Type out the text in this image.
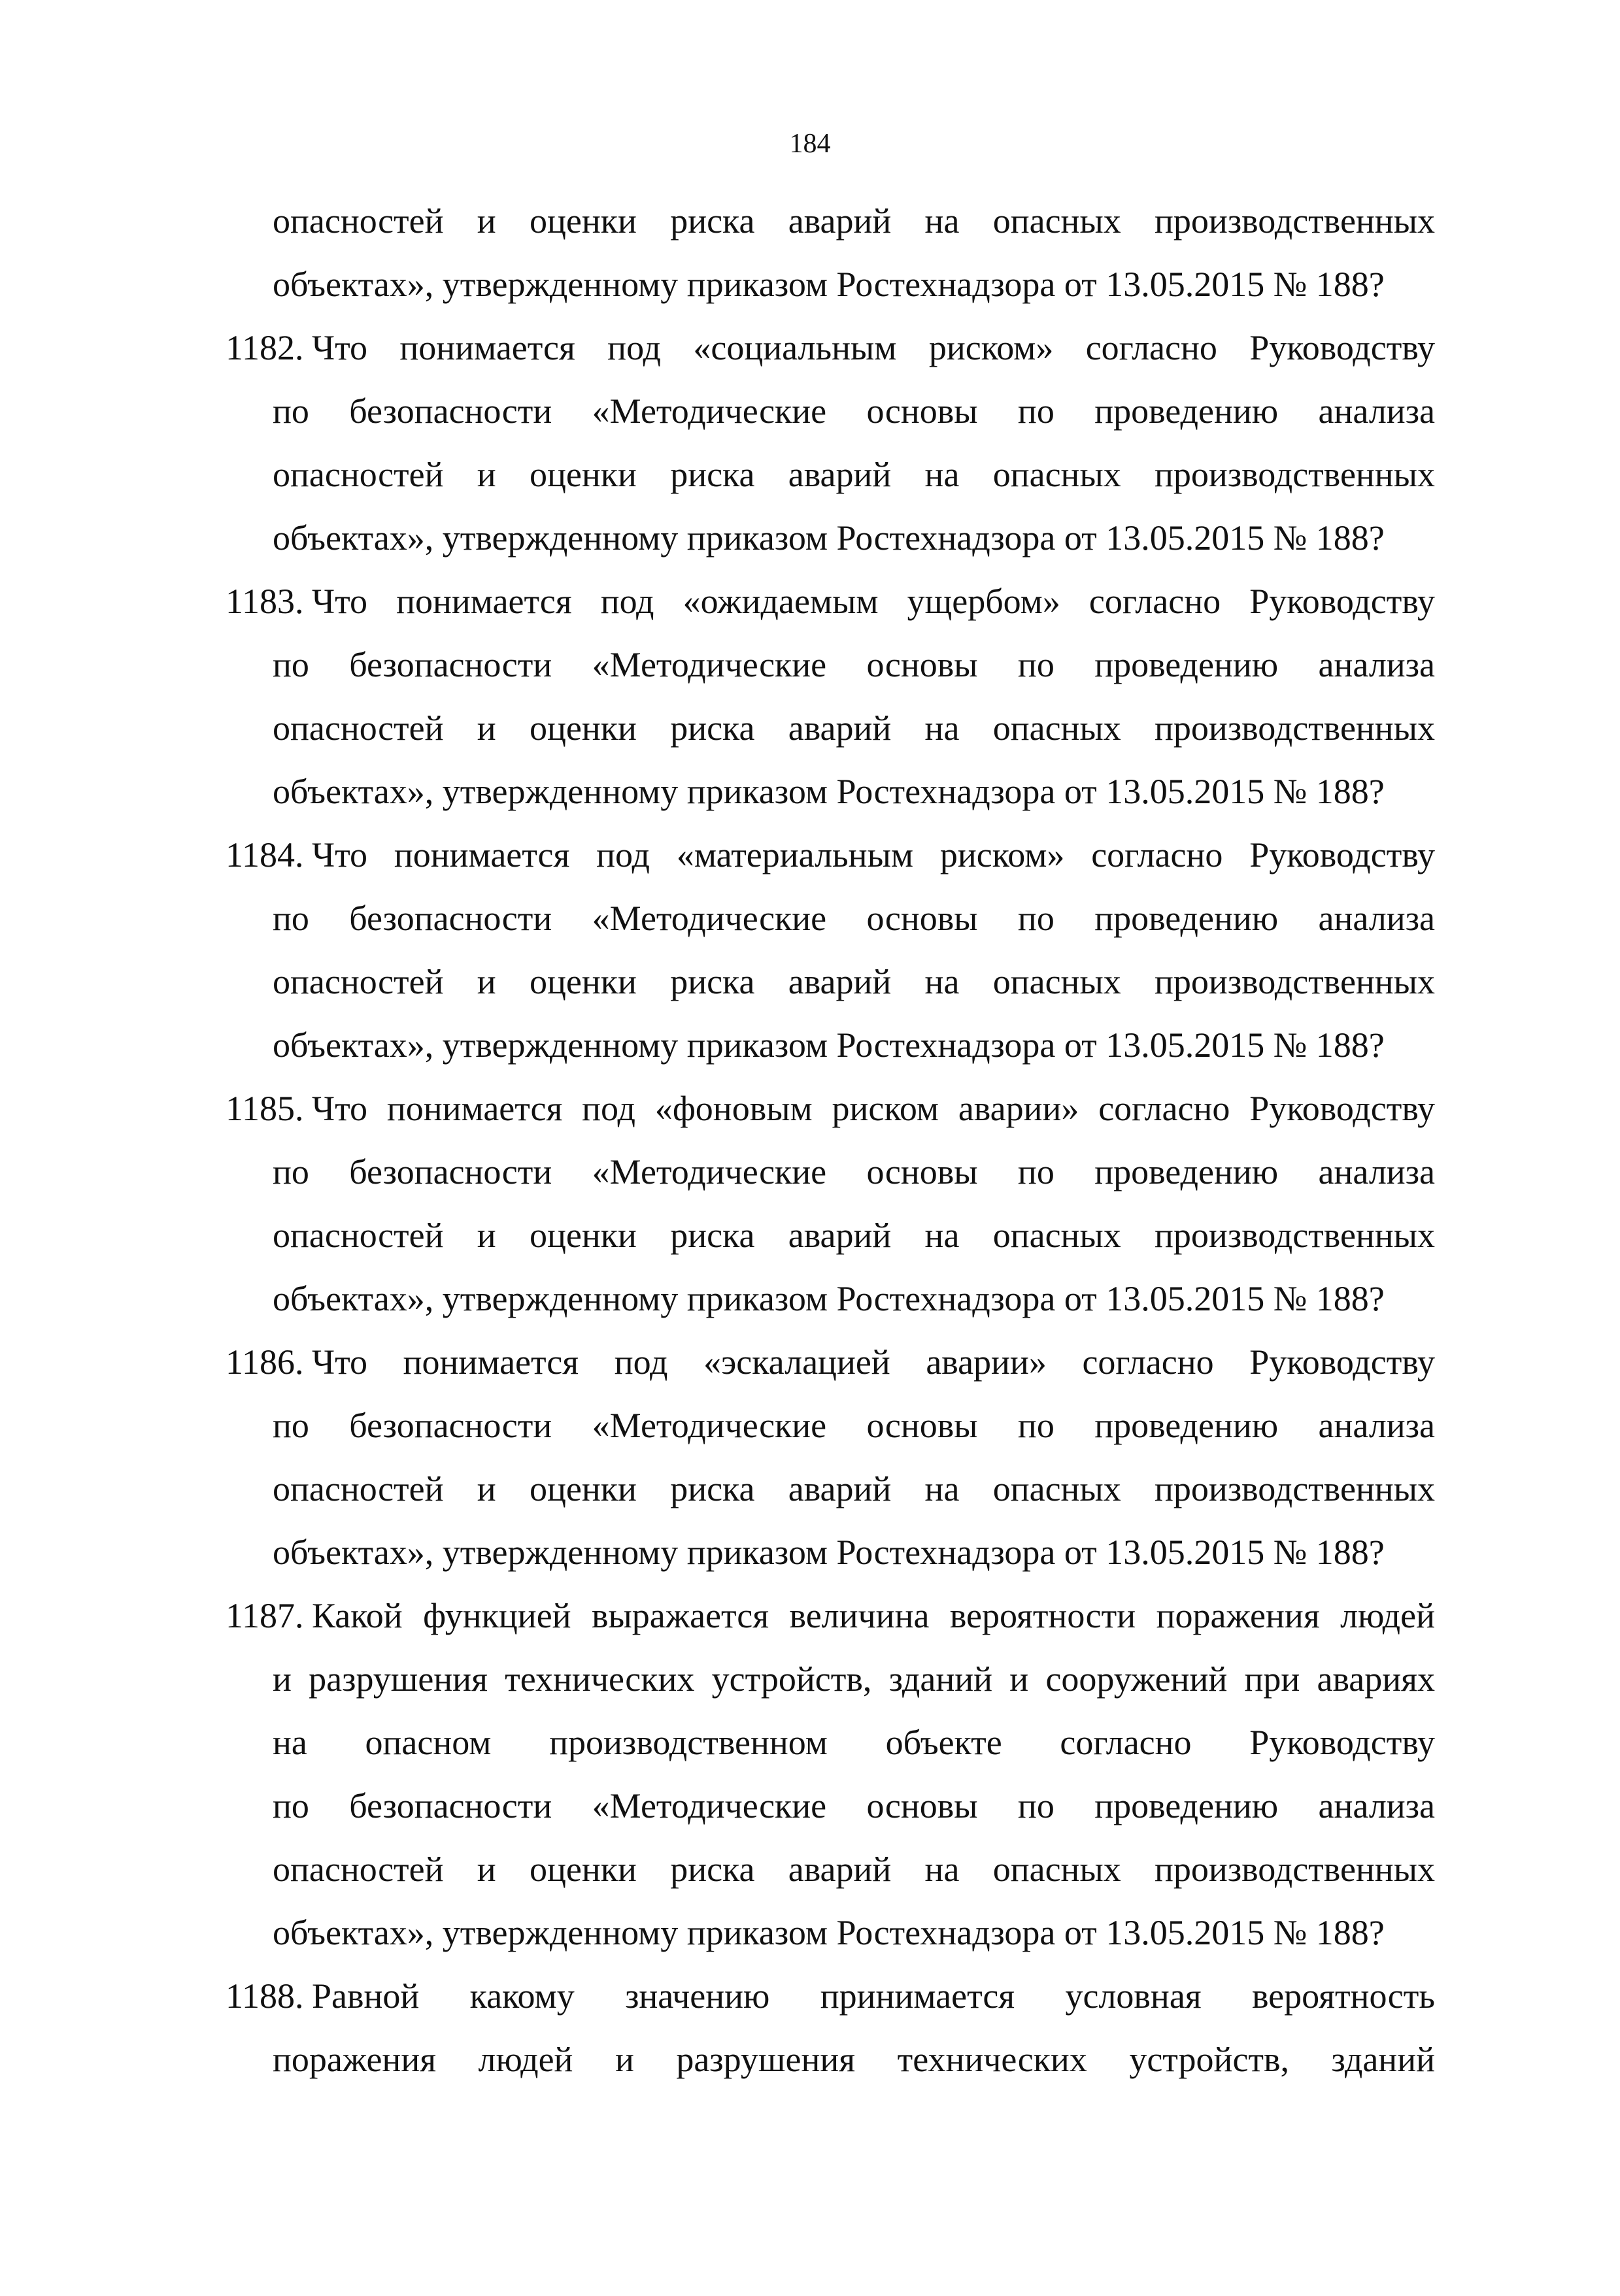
184
опасностей и оценки риска аварий на опасных производственных
объектах», утвержденному приказом Ростехнадзора от 13.05.2015 № 188?
1182. Что понимается под «социальным риском» согласно Руководству
по безопасности «Методические основы по проведению анализа
опасностей и оценки риска аварий на опасных производственных
объектах», утвержденному приказом Ростехнадзора от 13.05.2015 № 188?
1183. Что понимается под «ожидаемым ущербом» согласно Руководству
по безопасности «Методические основы по проведению анализа
опасностей и оценки риска аварий на опасных производственных
объектах», утвержденному приказом Ростехнадзора от 13.05.2015 № 188?
1184. Что понимается под «материальным риском» согласно Руководству
по безопасности «Методические основы по проведению анализа
опасностей и оценки риска аварий на опасных производственных
объектах», утвержденному приказом Ростехнадзора от 13.05.2015 № 188?
1185. Что понимается под «фоновым риском аварии» согласно Руководству
по безопасности «Методические основы по проведению анализа
опасностей и оценки риска аварий на опасных производственных
объектах», утвержденному приказом Ростехнадзора от 13.05.2015 № 188?
1186. Что понимается под «эскалацией аварии» согласно Руководству
по безопасности «Методические основы по проведению анализа
опасностей и оценки риска аварий на опасных производственных
объектах», утвержденному приказом Ростехнадзора от 13.05.2015 № 188?
1187. Какой функцией выражается величина вероятности поражения людей
и разрушения технических устройств, зданий и сооружений при авариях
на опасном производственном объекте согласно Руководству
по безопасности «Методические основы по проведению анализа
опасностей и оценки риска аварий на опасных производственных
объектах», утвержденному приказом Ростехнадзора от 13.05.2015 № 188?
1188. Равной какому значению принимается условная вероятность
поражения людей и разрушения технических устройств, зданий
